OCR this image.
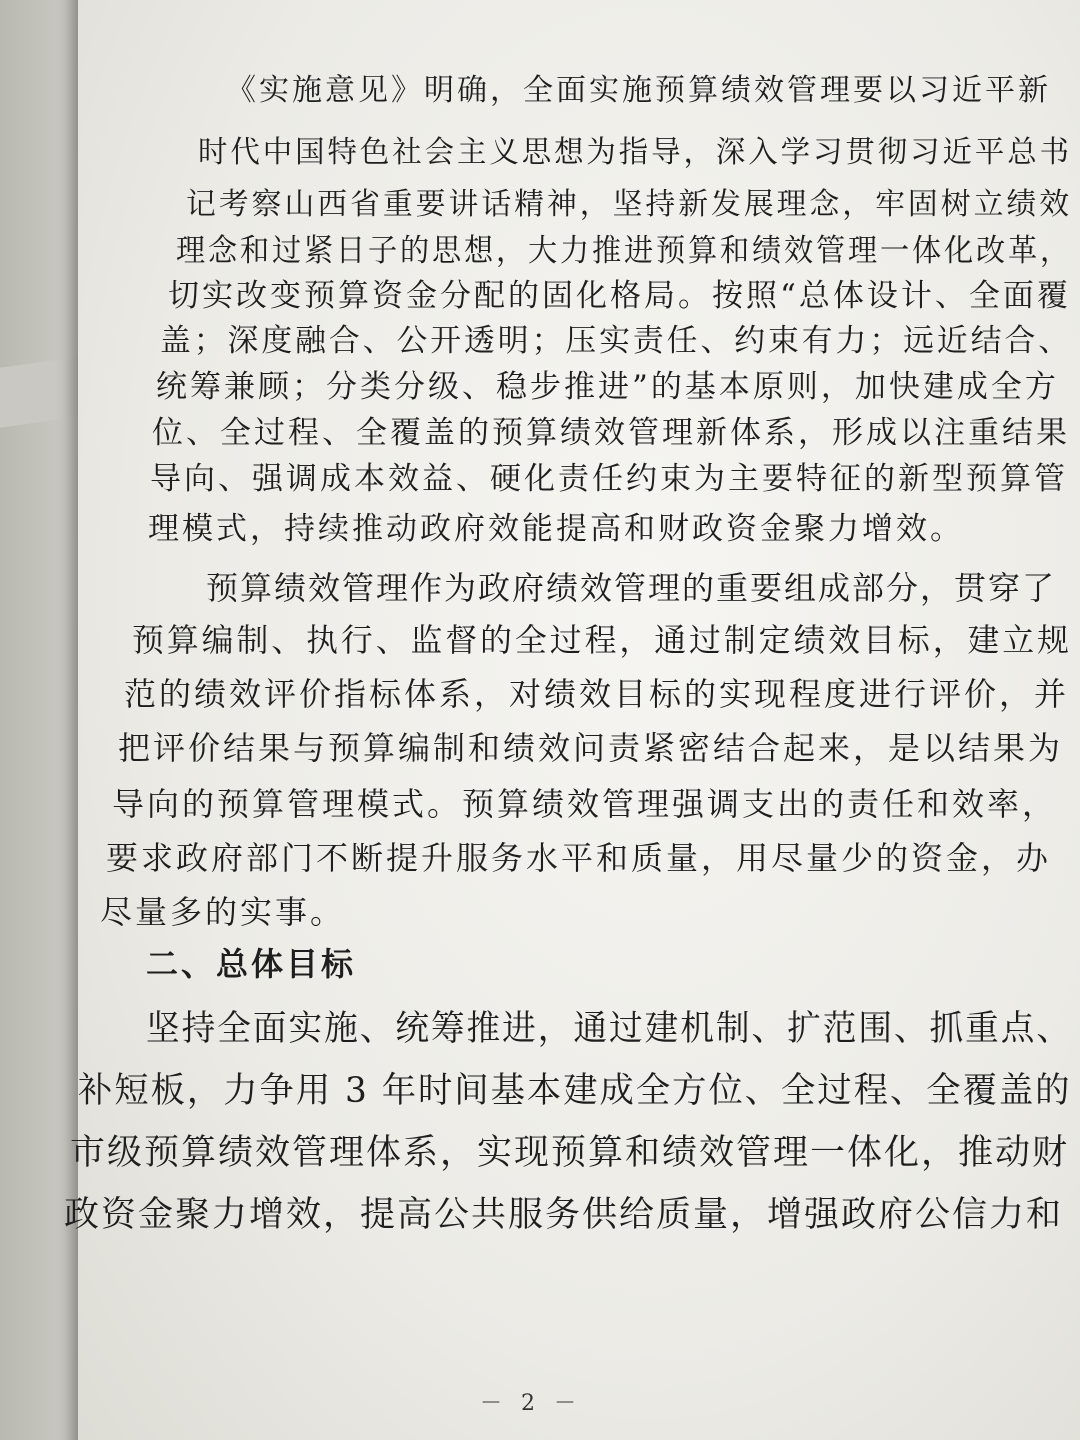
《实施意见》明确，全面实施预算绩效管理要以习近平新
时代中国特色社会主义思想为指导，深入学习贯彻习近平总书
记考察山西省重要讲话精神，坚持新发展理念，牢固树立绩效
理念和过紧日子的思想，大力推进预算和绩效管理一体化改革，
切实改变预算资金分配的固化格局。按照“总体设计、全面覆
盖；深度融合、公开透明；压实责任、约束有力；远近结合、
统筹兼顾；分类分级、稳步推进”的基本原则，加快建成全方
位、全过程、全覆盖的预算绩效管理新体系，形成以注重结果
导向、强调成本效益、硬化责任约束为主要特征的新型预算管
理模式，持续推动政府效能提高和财政资金聚力增效。
预算绩效管理作为政府绩效管理的重要组成部分，贯穿了
预算编制、执行、监督的全过程，通过制定绩效目标，建立规
范的绩效评价指标体系，对绩效目标的实现程度进行评价，并
把评价结果与预算编制和绩效问责紧密结合起来，是以结果为
导向的预算管理模式。预算绩效管理强调支出的责任和效率，
要求政府部门不断提升服务水平和质量，用尽量少的资金，办
尽量多的实事。
二、总体目标
坚持全面实施、统筹推进，通过建机制、扩范围、抓重点、
补短板，力争用 3 年时间基本建成全方位、全过程、全覆盖的
市级预算绩效管理体系，实现预算和绩效管理一体化，推动财
政资金聚力增效，提高公共服务供给质量，增强政府公信力和
－ 2 －
